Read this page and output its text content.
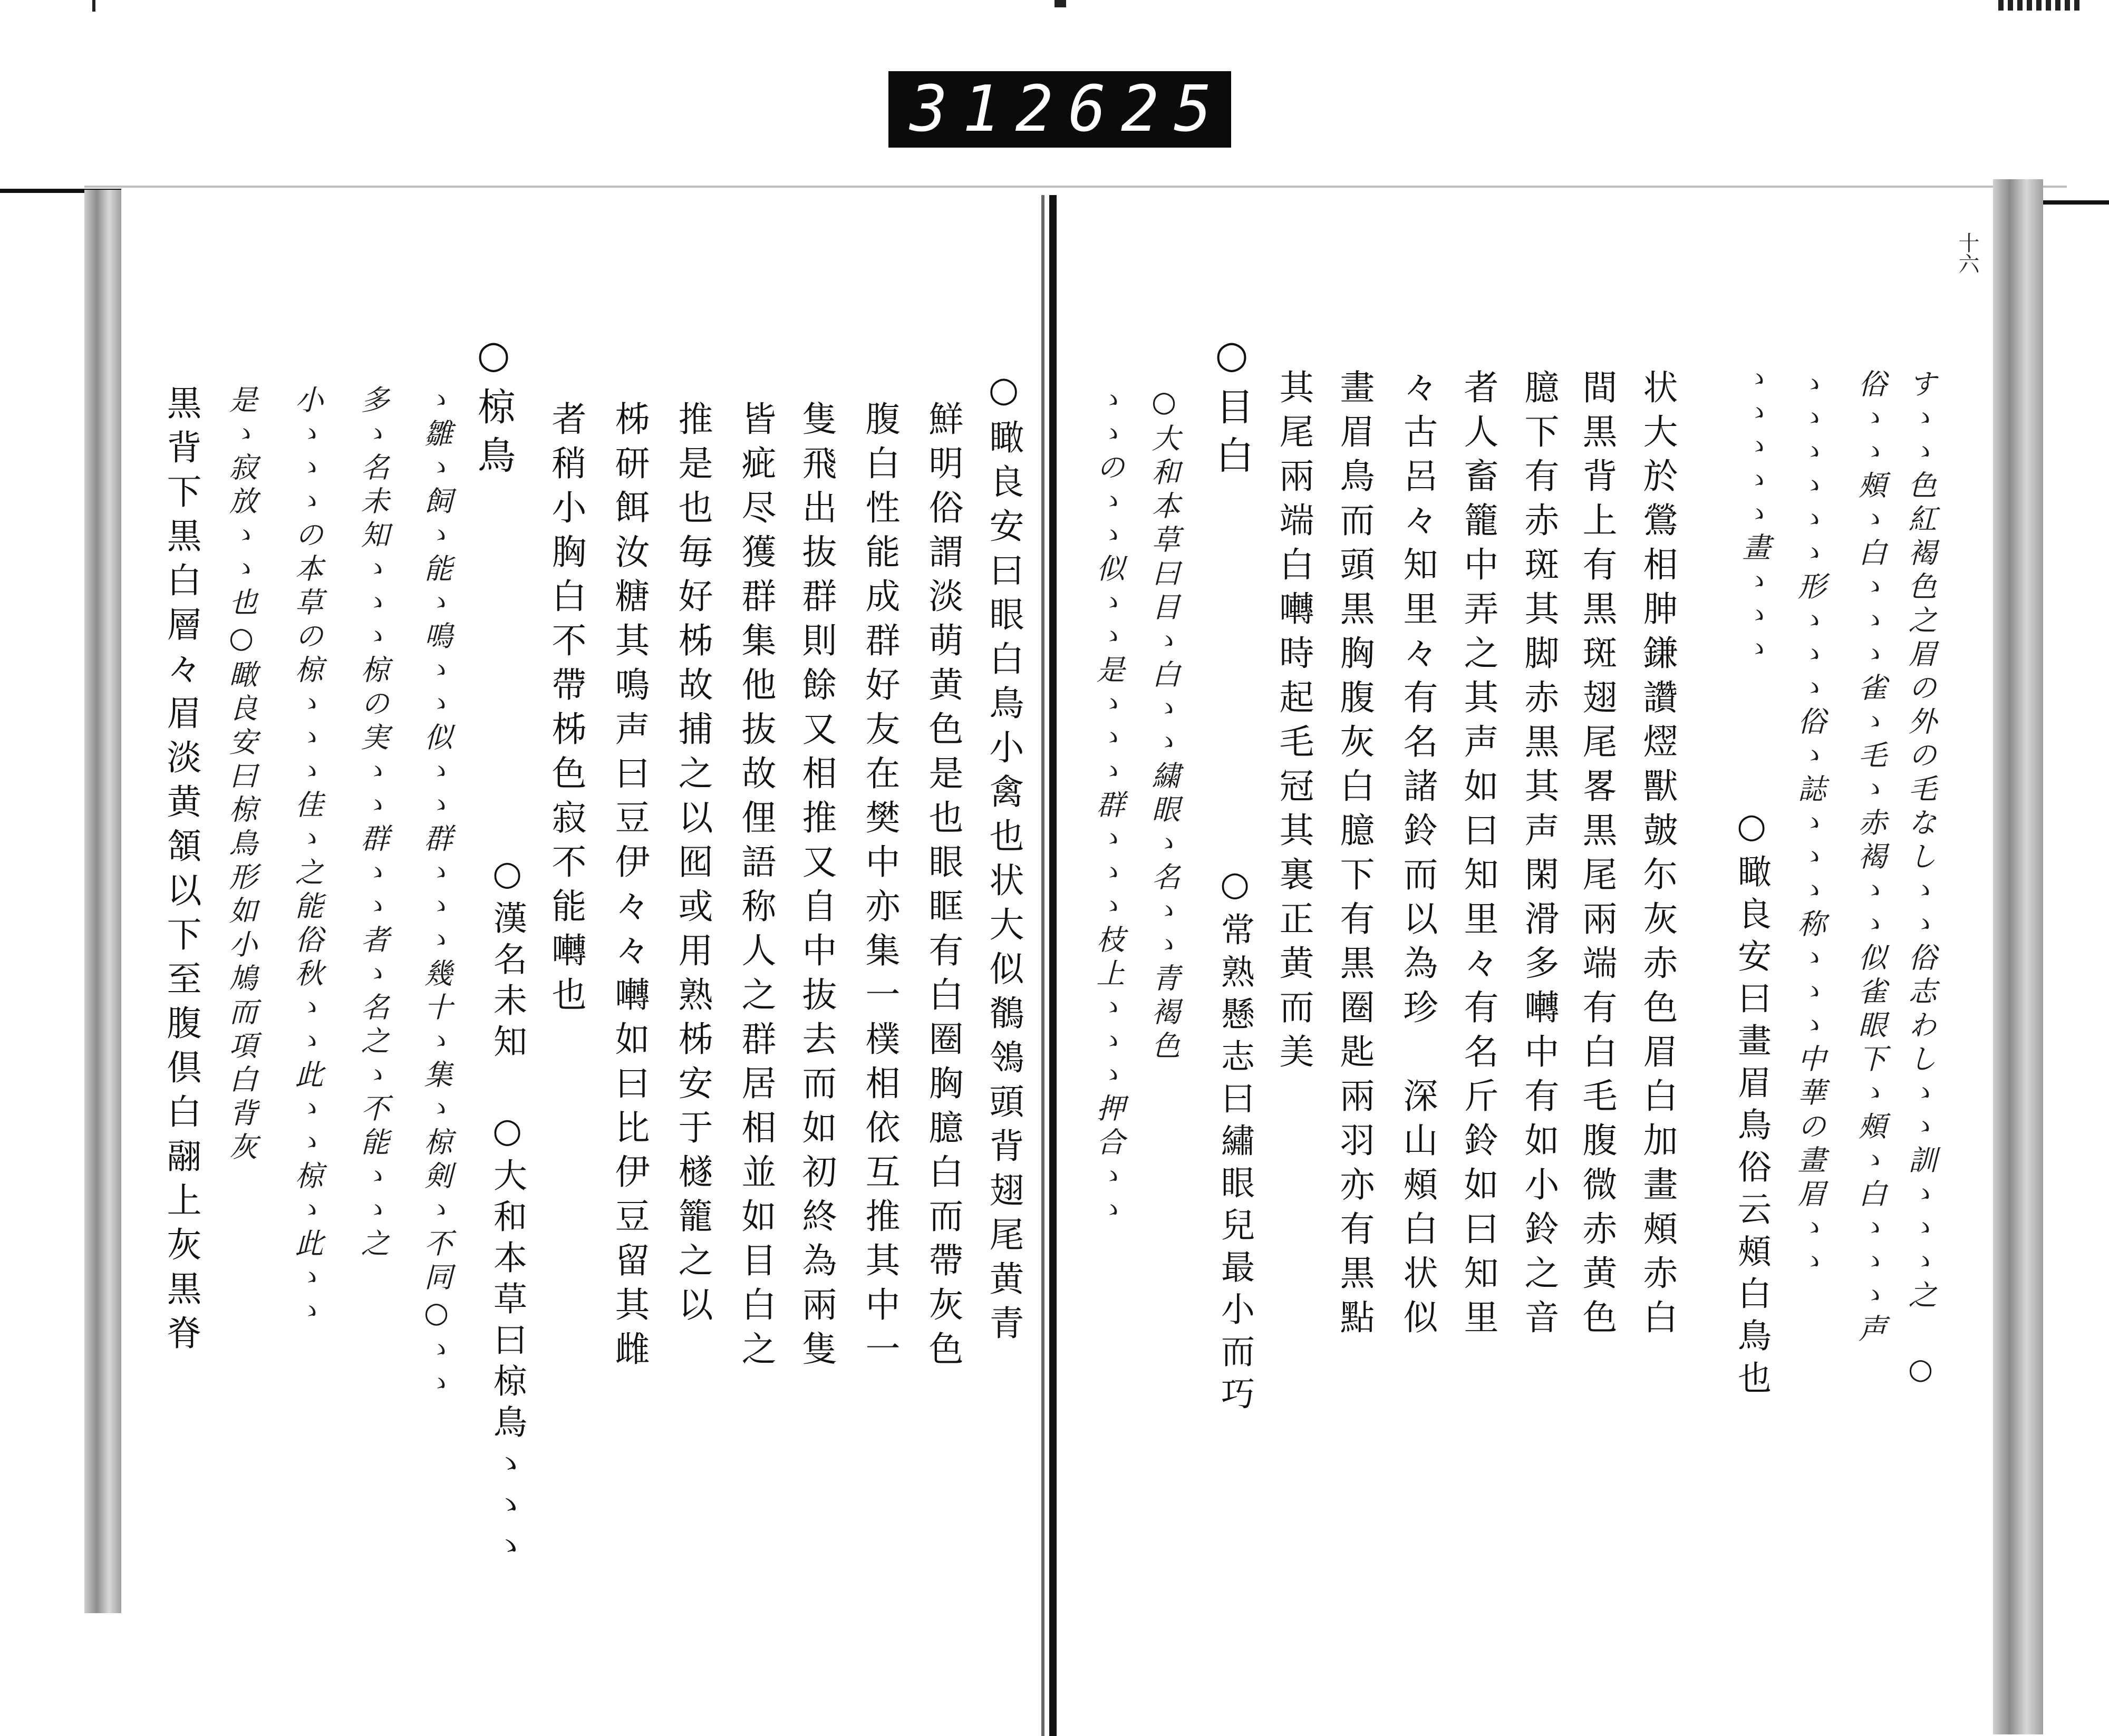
312 625.
十六
すゝゝ色紅褐色之眉の外の毛なしゝゝ俗志わしゝゝ訓ゝゝゝ之 ○
俗ゝゝ頰ゝ白ゝゝゝ雀ゝ毛ゝ赤褐ゝゝ似雀眼下ゝ頰ゝ白ゝゝゝ声
ゝゝゝゝゝゝ形ゝゝゝ俗ゝ誌ゝゝゝ称ゝゝゝ中華の畫眉ゝゝ
ゝゝゝゝゝ畫ゝゝゝ
○瞰良安曰畫眉鳥俗云頰白鳥也
状大於鶯相胂鎌讚熤獸皷尓灰赤色眉白加畫頰赤白
間黒背上有黒斑翅尾畧黒尾兩端有白毛腹微赤黄色
臆下有赤斑其脚赤黒其声閑滑多囀中有如小鈴之音
者人畜籠中弄之其声如曰知里々有名斤鈴如曰知里
々古呂々知里々有名諸鈴而以為珍　深山頰白状似
畫眉鳥而頭黒胸腹灰白臆下有黒圈匙兩羽亦有黒點
其尾兩端白囀時起毛冠其裏正黄而美
○目白
○常熟懸志曰繡眼兒最小而巧
○大和本草曰目ゝ白ゝゝ繍眼ゝ名ゝゝ青褐色
ゝゝのゝゝ似ゝゝ是ゝゝゝ群ゝゝゝ枝上ゝゝゝ押合ゝゝ
○瞰良安曰眼白鳥小禽也状大似鶺鴒頭背翅尾黄青
鮮明俗謂淡萌黄色是也眼眶有白圈胸臆白而帶灰色
腹白性能成群好友在樊中亦集一樸相依互推其中一
隻飛出抜群則餘又相推又自中抜去而如初終為兩隻
皆疵尽獲群集他抜故俚語称人之群居相並如目白之
推是也毎好柹故捕之以囮或用熟柹安于檖籠之以
柹研餌汝糖其鳴声曰豆伊々々囀如曰比伊豆留其雌
者稍小胸白不帶柹色寂不能囀也
○漢名未知 ○大和本草曰椋鳥ゝゝゝ
○椋鳥
ゝ雛ゝ飼ゝ能ゝ鳴ゝゝ似ゝゝ群ゝゝゝ幾十ゝ集ゝ椋剣ゝ不同○ゝゝ
多ゝ名未知ゝゝゝ椋の実ゝゝ群ゝゝ者ゝ名之ゝ不能ゝゝ之
小ゝゝゝの本草の椋ゝゝゝ佳ゝ之能俗秋ゝゝ此ゝゝ椋ゝ此ゝゝ
是ゝ寂放ゝゝ也○瞰良安曰椋鳥形如小鳩而項白背灰
黒背下黒白層々眉淡黄頷以下至腹倶白翮上灰黒脊
